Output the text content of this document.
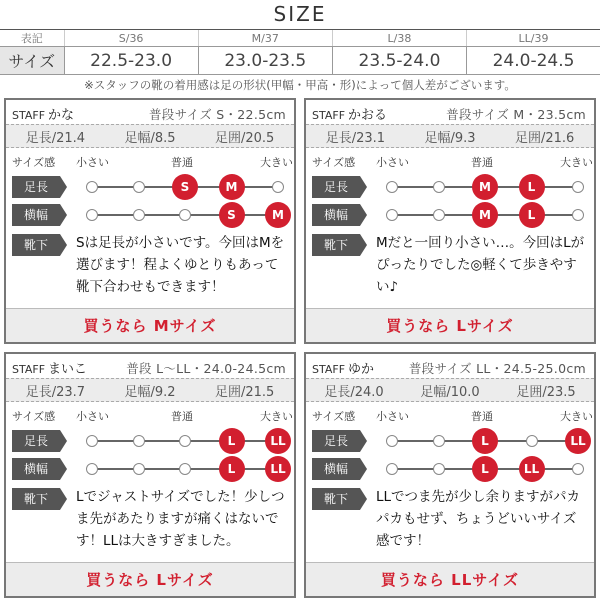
SIZE
表記	S/36	M/37	L/38	LL/39
サイズ	22.5-23.0	23.0-23.5	23.5-24.0	24.0-24.5
※スタッフの靴の着用感は足の形状(甲幅・甲高・形)によって個人差がございます。
STAFF かな	普段サイズ S・22.5cm
足長/21.4	足幅/8.5	足囲/20.5
サイズ感 小さい	普通	大きい
足長	S	M
横幅	S	M
靴下	Sは足長が小さいです。今回はMを選びます！程よくゆとりもあって靴下合わせもできます！
買うなら Mサイズ
STAFF かおる	普段サイズ M・23.5cm
足長/23.1	足幅/9.3	足囲/21.6
サイズ感 小さい	普通	大きい
足長	M	L
横幅	M	L
靴下	Mだと一回り小さい…。今回はLがぴったりでした◎軽くて歩きやすい♪
買うなら Lサイズ
STAFF まいこ	普段 L〜LL・24.0-24.5cm
足長/23.7	足幅/9.2	足囲/21.5
サイズ感 小さい	普通	大きい
足長	L	LL
横幅	L	LL
靴下	Lでジャストサイズでした！少しつま先があたりますが痛くはないです！LLは大きすぎました。
買うなら Lサイズ
STAFF ゆか	普段サイズ LL・24.5-25.0cm
足長/24.0	足幅/10.0	足囲/23.5
サイズ感 小さい	普通	大きい
足長	L	LL
横幅	L	LL
靴下	LLでつま先が少し余りますがパカパカもせず、ちょうどいいサイズ感です！
買うなら LLサイズ
